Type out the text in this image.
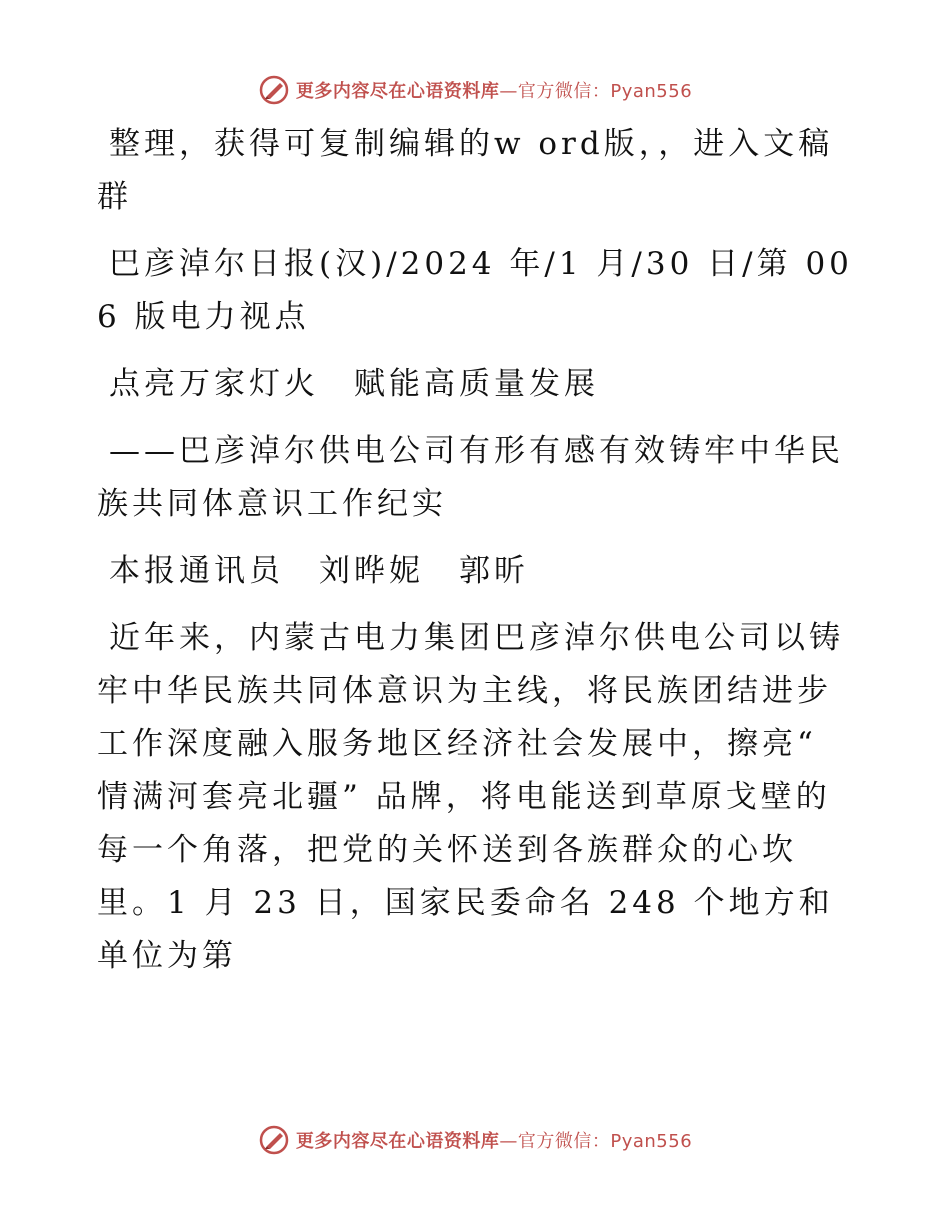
更多内容尽在心语资料库—官方微信：Pyan556

整理，获得可复制编辑的w ord版，，进入文稿群

巴彦淖尔日报(汉)/2024 年/1 月/30 日/第 006 版电力视点

点亮万家灯火　赋能高质量发展

——巴彦淖尔供电公司有形有感有效铸牢中华民族共同体意识工作纪实

本报通讯员　刘晔妮　郭昕

近年来，内蒙古电力集团巴彦淖尔供电公司以铸牢中华民族共同体意识为主线，将民族团结进步工作深度融入服务地区经济社会发展中，擦亮“ 情满河套亮北疆” 品牌，将电能送到草原戈壁的每一个角落，把党的关怀送到各族群众的心坎里。1 月 23 日，国家民委命名 248 个地方和单位为第

更多内容尽在心语资料库—官方微信：Pyan556
